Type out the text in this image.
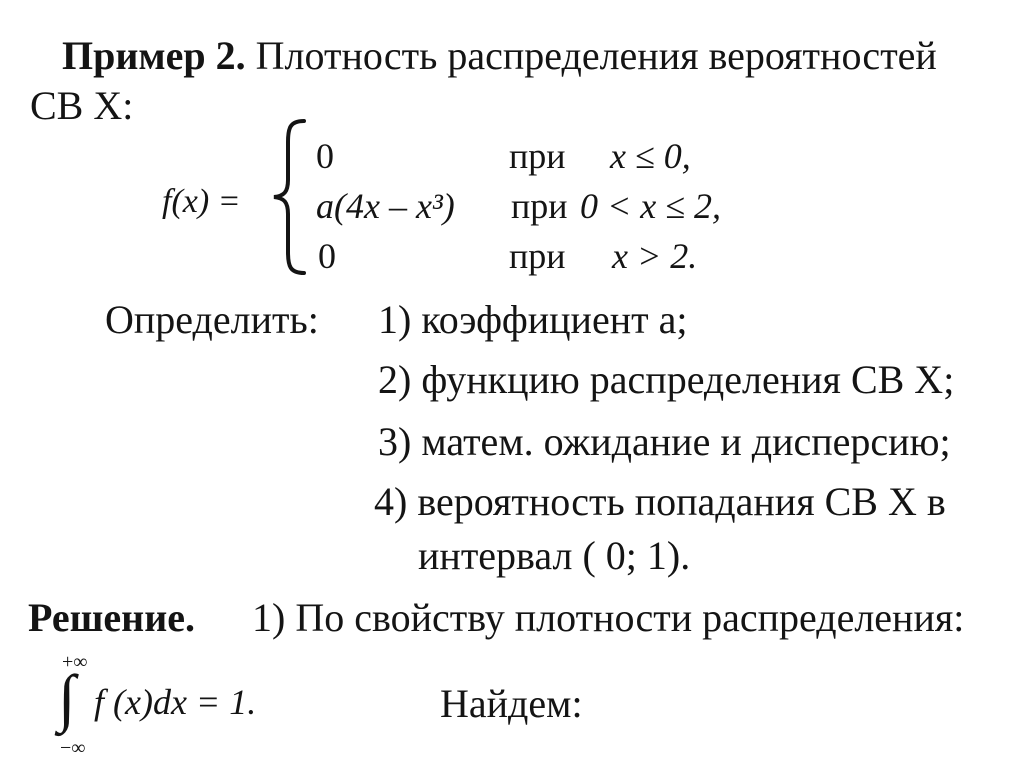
Пример 2. Плотность распределения вероятностей
СВ Х:
f(x) =
0	при x ≤ 0,
a(4x – x³) при 0 < x ≤ 2,
0	при x > 2.
Определить: 1) коэффициент a;
2) функцию распределения СВ Х;
3) матем. ожидание и дисперсию;
4) вероятность попадания СВ Х в
интервал ( 0; 1).
Решение. 1) По свойству плотности распределения:
+∞
∫
−∞
f (x)dx = 1.	Найдем:
